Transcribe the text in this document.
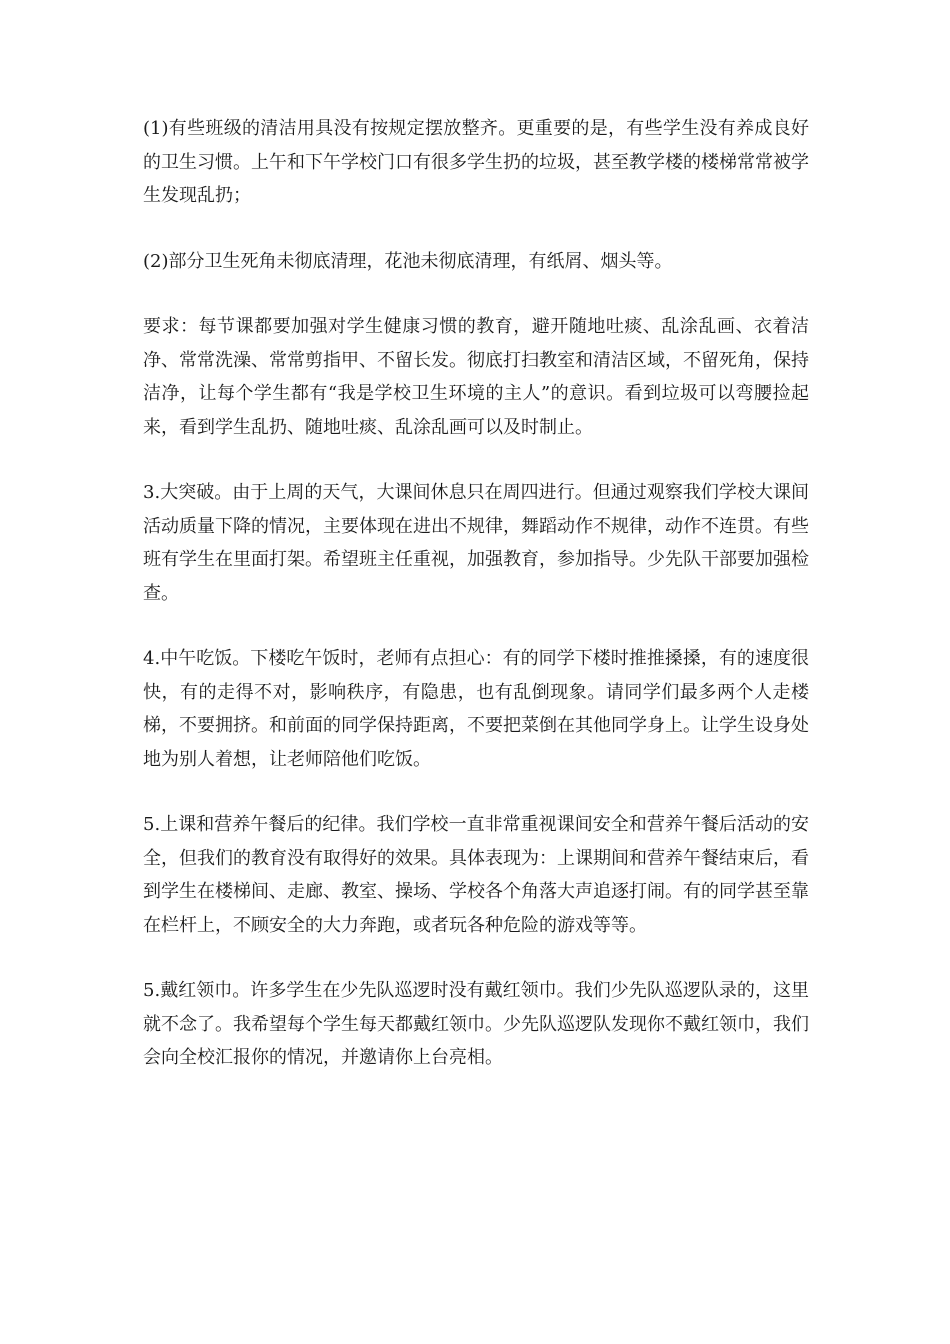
(1)有些班级的清洁用具没有按规定摆放整齐。更重要的是，有些学生没有养成良好的卫生习惯。上午和下午学校门口有很多学生扔的垃圾，甚至教学楼的楼梯常常被学生发现乱扔；

(2)部分卫生死角未彻底清理，花池未彻底清理，有纸屑、烟头等。

要求：每节课都要加强对学生健康习惯的教育，避开随地吐痰、乱涂乱画、衣着洁净、常常洗澡、常常剪指甲、不留长发。彻底打扫教室和清洁区域，不留死角，保持洁净，让每个学生都有“我是学校卫生环境的主人”的意识。看到垃圾可以弯腰捡起来，看到学生乱扔、随地吐痰、乱涂乱画可以及时制止。

3.大突破。由于上周的天气，大课间休息只在周四进行。但通过观察我们学校大课间活动质量下降的情况，主要体现在进出不规律，舞蹈动作不规律，动作不连贯。有些班有学生在里面打架。希望班主任重视，加强教育，参加指导。少先队干部要加强检查。

4.中午吃饭。下楼吃午饭时，老师有点担心：有的同学下楼时推推搡搡，有的速度很快，有的走得不对，影响秩序，有隐患，也有乱倒现象。请同学们最多两个人走楼梯，不要拥挤。和前面的同学保持距离，不要把菜倒在其他同学身上。让学生设身处地为别人着想，让老师陪他们吃饭。

5.上课和营养午餐后的纪律。我们学校一直非常重视课间安全和营养午餐后活动的安全，但我们的教育没有取得好的效果。具体表现为：上课期间和营养午餐结束后，看到学生在楼梯间、走廊、教室、操场、学校各个角落大声追逐打闹。有的同学甚至靠在栏杆上，不顾安全的大力奔跑，或者玩各种危险的游戏等等。

5.戴红领巾。许多学生在少先队巡逻时没有戴红领巾。我们少先队巡逻队录的，这里就不念了。我希望每个学生每天都戴红领巾。少先队巡逻队发现你不戴红领巾，我们会向全校汇报你的情况，并邀请你上台亮相。
